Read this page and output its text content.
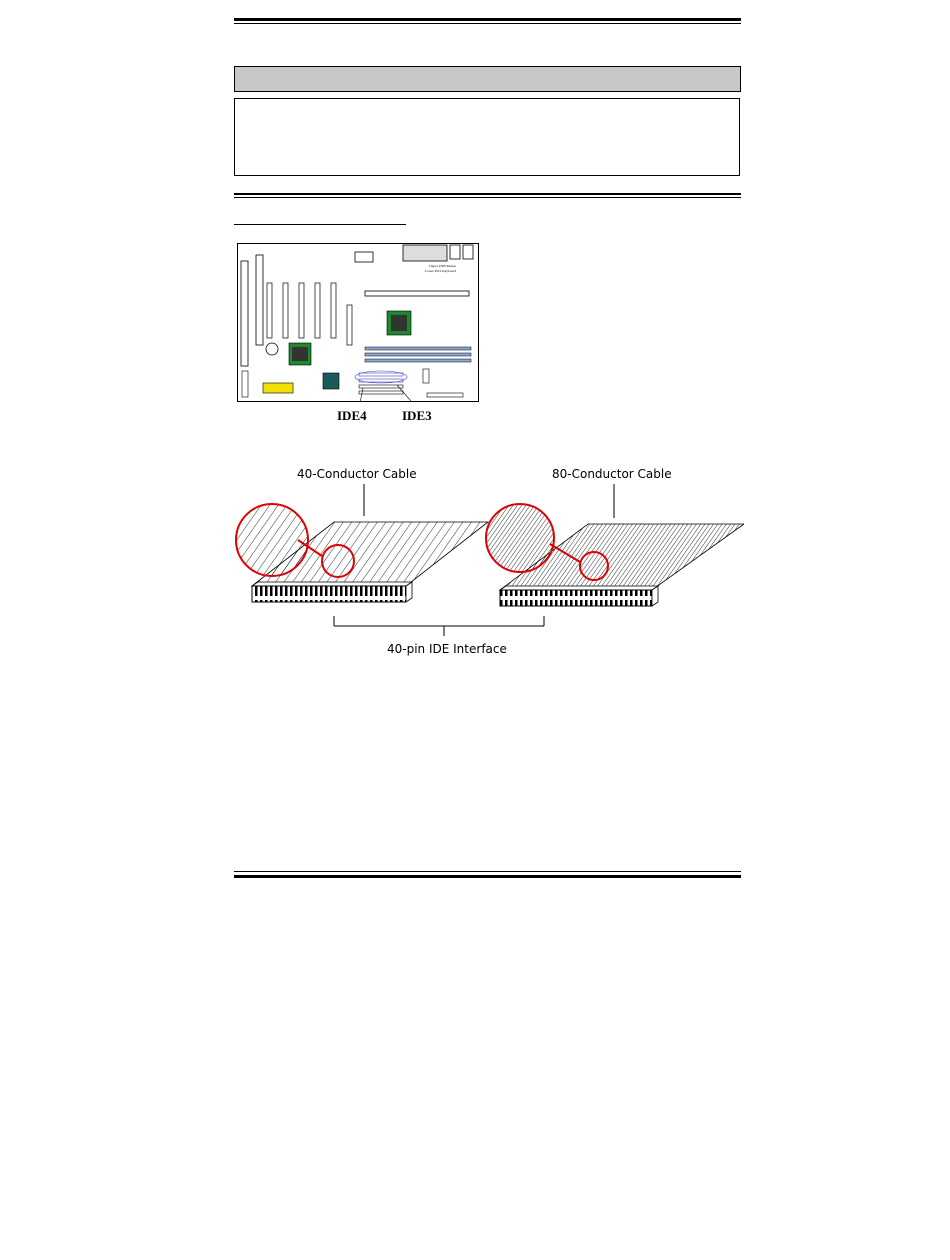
Upper USB Mouse
Lower PS/2 Keyboard
IDE4	IDE3
40-Conductor Cable	80-Conductor Cable
40-pin IDE Interface
